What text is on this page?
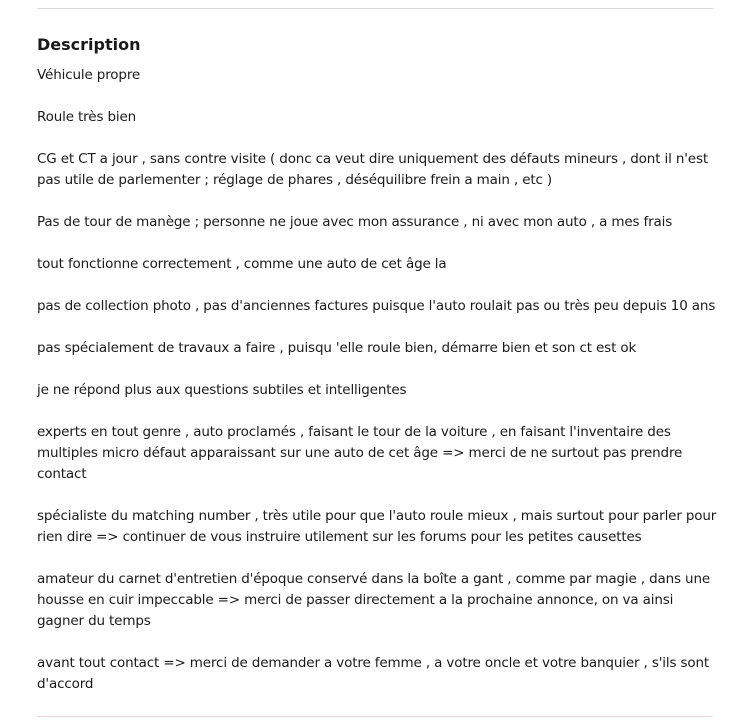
Description

Véhicule propre

Roule très bien

CG et CT a jour , sans contre visite ( donc ca veut dire uniquement des défauts mineurs , dont il n'est pas utile de parlementer ; réglage de phares , déséquilibre frein a main , etc )

Pas de tour de manège ; personne ne joue avec mon assurance , ni avec mon auto , a mes frais

tout fonctionne correctement , comme une auto de cet âge la

pas de collection photo , pas d'anciennes factures puisque l'auto roulait pas ou très peu depuis 10 ans

pas spécialement de travaux a faire , puisqu 'elle roule bien, démarre bien et son ct est ok

je ne répond plus aux questions subtiles et intelligentes

experts en tout genre , auto proclamés , faisant le tour de la voiture , en faisant l'inventaire des multiples micro défaut apparaissant sur une auto de cet âge => merci de ne surtout pas prendre contact

spécialiste du matching number , très utile pour que l'auto roule mieux , mais surtout pour parler pour rien dire => continuer de vous instruire utilement sur les forums pour les petites causettes

amateur du carnet d'entretien d'époque conservé dans la boîte a gant , comme par magie , dans une housse en cuir impeccable => merci de passer directement a la prochaine annonce, on va ainsi gagner du temps

avant tout contact => merci de demander a votre femme , a votre oncle et votre banquier , s'ils sont d'accord
